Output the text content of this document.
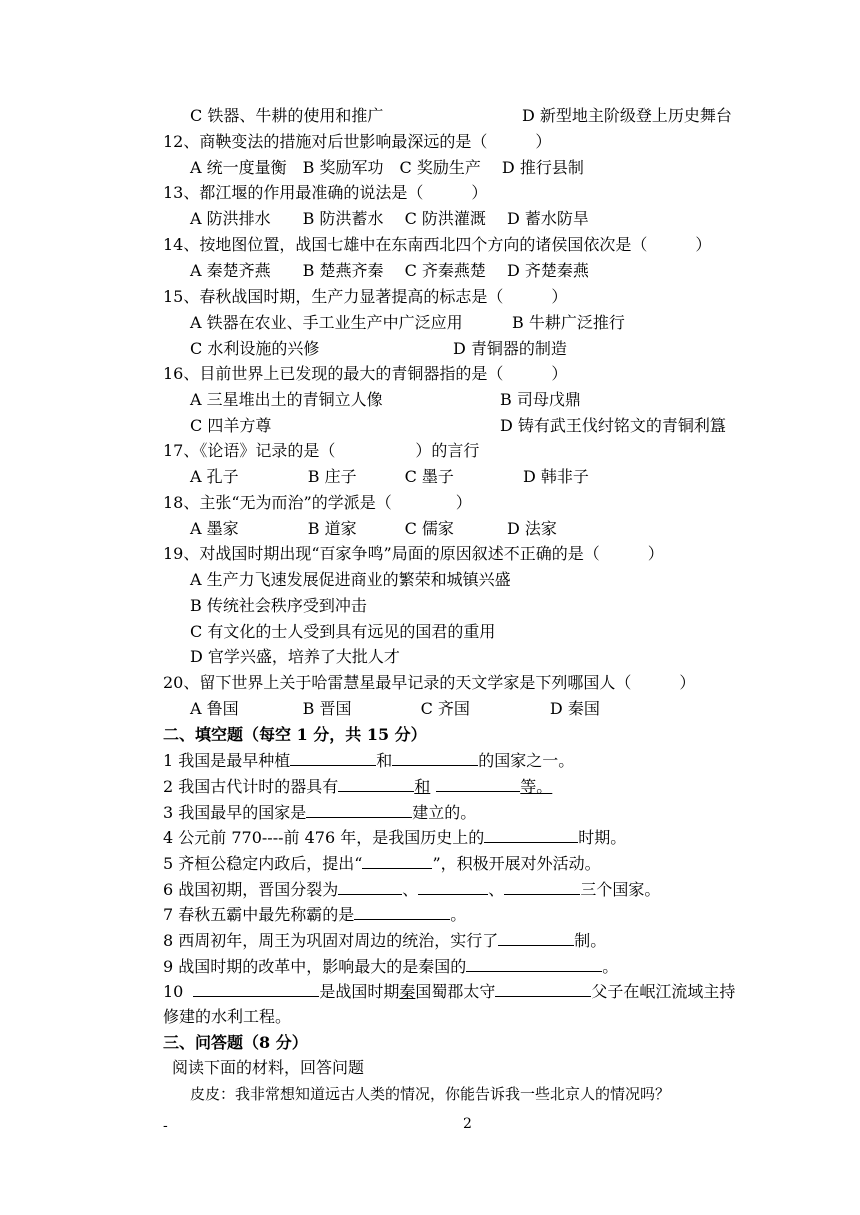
C 铁器、牛耕的使用和推广	D 新型地主阶级登上历史舞台
12、商鞅变法的措施对后世影响最深远的是（　　　）
A 统一度量衡　B 奖励军功　C 奖励生产　 D 推行县制
13、都江堰的作用最准确的说法是（　　　）
A 防洪排水　　B 防洪蓄水　 C 防洪灌溉　 D 蓄水防旱
14、按地图位置，战国七雄中在东南西北四个方向的诸侯国依次是（　　　）
A 秦楚齐燕　　B 楚燕齐秦　 C 齐秦燕楚　 D 齐楚秦燕
15、春秋战国时期，生产力显著提高的标志是（　　　）
A 铁器在农业、手工业生产中广泛应用	B 牛耕广泛推行
C 水利设施的兴修	D 青铜器的制造
16、目前世界上已发现的最大的青铜器指的是（　　　）
A 三星堆出土的青铜立人像	B 司母戊鼎
C 四羊方尊	D 铸有武王伐纣铭文的青铜利簋
17、《论语》记录的是（　　　　　）的言行
A 孔子　　　　 B 庄子　　　C 墨子　　　　 D 韩非子
18、主张“无为而治”的学派是（　　　　）
A 墨家　　　　 B 道家　　　C 儒家　　　 D 法家
19、对战国时期出现“百家争鸣”局面的原因叙述不正确的是（　　　）
A 生产力飞速发展促进商业的繁荣和城镇兴盛
B 传统社会秩序受到冲击
C 有文化的士人受到具有远见的国君的重用
D 官学兴盛，培养了大批人才
20、留下世界上关于哈雷慧星最早记录的天文学家是下列哪国人（　　　）
A 鲁国　　　　B 晋国　　　　 C 齐国　　　　　D 秦国
二、填空题（每空 1 分，共 15 分）
1 我国是最早种植	和	的国家之一。
2 我国古代计时的器具有	和	等。
3 我国最早的国家是	建立的。
4 公元前 770----前 476 年，是我国历史上的	时期。
5 齐桓公稳定内政后，提出“	”，积极开展对外活动。
6 战国初期，晋国分裂为	、	、	三个国家。
7 春秋五霸中最先称霸的是	。
8 西周初年，周王为巩固对周边的统治，实行了	制。
9 战国时期的改革中，影响最大的是秦国的	。
10	是战国时期秦国蜀郡太守	父子在岷江流域主持
修建的水利工程。
三、问答题（8 分）
阅读下面的材料，回答问题
皮皮：我非常想知道远古人类的情况，你能告诉我一些北京人的情况吗？
-	2
